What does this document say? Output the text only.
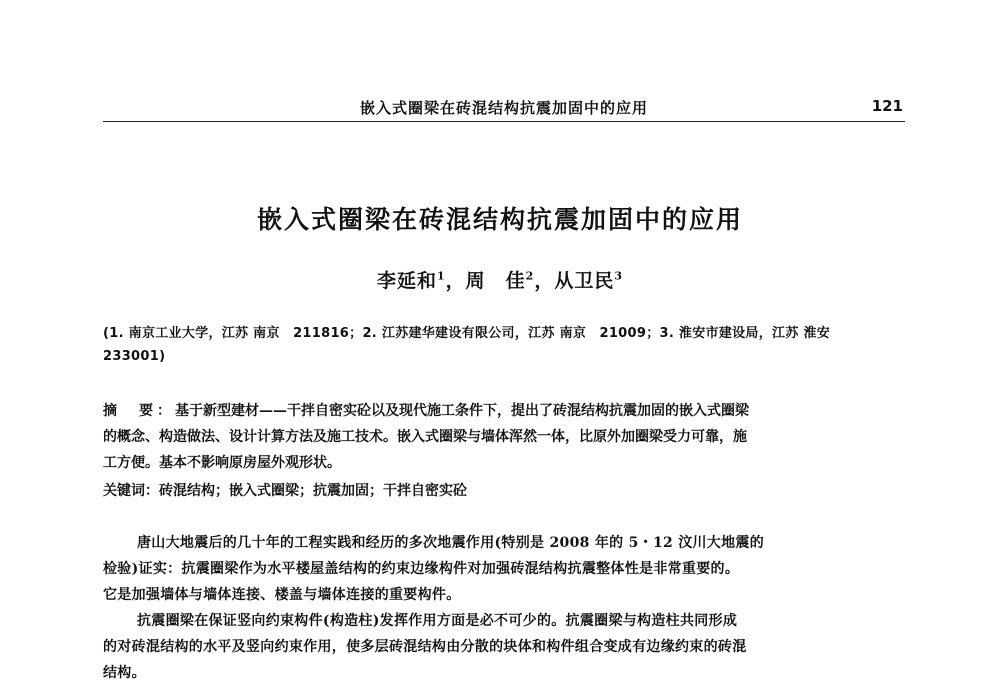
嵌入式圈梁在砖混结构抗震加固中的应用	121
嵌入式圈梁在砖混结构抗震加固中的应用
李延和$^1$，周　佳$^2$，从卫民$^3$
(1. 南京工业大学，江苏 南京　211816；2. 江苏建华建设有限公司，江苏 南京　21009；3. 淮安市建设局，江苏 淮安
233001)
摘　要：基于新型建材——干拌自密实砼以及现代施工条件下，提出了砖混结构抗震加固的嵌入式圈梁
的概念、构造做法、设计计算方法及施工技术。嵌入式圈梁与墙体浑然一体，比原外加圈梁受力可靠，施
工方便。基本不影响原房屋外观形状。
关键词：砖混结构；嵌入式圈梁；抗震加固；干拌自密实砼
唐山大地震后的几十年的工程实践和经历的多次地震作用(特别是 2008 年的 5・12 汶川大地震的
检验)证实：抗震圈梁作为水平楼屋盖结构的约束边缘构件对加强砖混结构抗震整体性是非常重要的。
它是加强墙体与墙体连接、楼盖与墙体连接的重要构件。
抗震圈梁在保证竖向约束构件(构造柱)发挥作用方面是必不可少的。抗震圈梁与构造柱共同形成
的对砖混结构的水平及竖向约束作用，使多层砖混结构由分散的块体和构件组合变成有边缘约束的砖混
结构。
